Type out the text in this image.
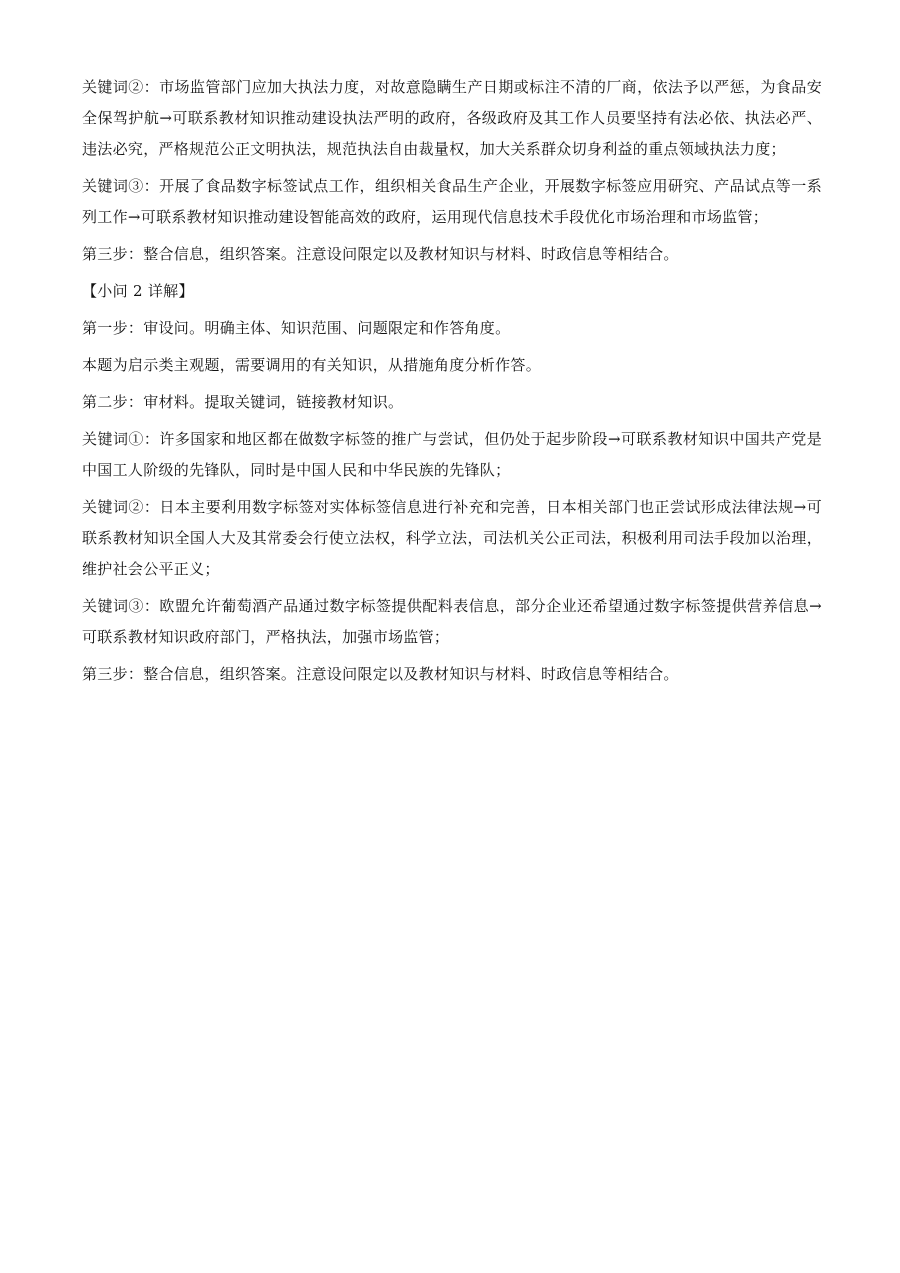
关键词②：市场监管部门应加大执法力度，对故意隐瞒生产日期或标注不清的厂商，依法予以严惩，为食品安全保驾护航→可联系教材知识推动建设执法严明的政府，各级政府及其工作人员要坚持有法必依、执法必严、违法必究，严格规范公正文明执法，规范执法自由裁量权，加大关系群众切身利益的重点领域执法力度；

关键词③：开展了食品数字标签试点工作，组织相关食品生产企业，开展数字标签应用研究、产品试点等一系列工作→可联系教材知识推动建设智能高效的政府，运用现代信息技术手段优化市场治理和市场监管；

第三步：整合信息，组织答案。注意设问限定以及教材知识与材料、时政信息等相结合。

【小问 2 详解】

第一步：审设问。明确主体、知识范围、问题限定和作答角度。

本题为启示类主观题，需要调用的有关知识，从措施角度分析作答。

第二步：审材料。提取关键词，链接教材知识。

关键词①：许多国家和地区都在做数字标签的推广与尝试，但仍处于起步阶段→可联系教材知识中国共产党是中国工人阶级的先锋队，同时是中国人民和中华民族的先锋队；

关键词②：日本主要利用数字标签对实体标签信息进行补充和完善，日本相关部门也正尝试形成法律法规→可联系教材知识全国人大及其常委会行使立法权，科学立法，司法机关公正司法，积极利用司法手段加以治理，维护社会公平正义；

关键词③：欧盟允许葡萄酒产品通过数字标签提供配料表信息，部分企业还希望通过数字标签提供营养信息→可联系教材知识政府部门，严格执法，加强市场监管；

第三步：整合信息，组织答案。注意设问限定以及教材知识与材料、时政信息等相结合。
